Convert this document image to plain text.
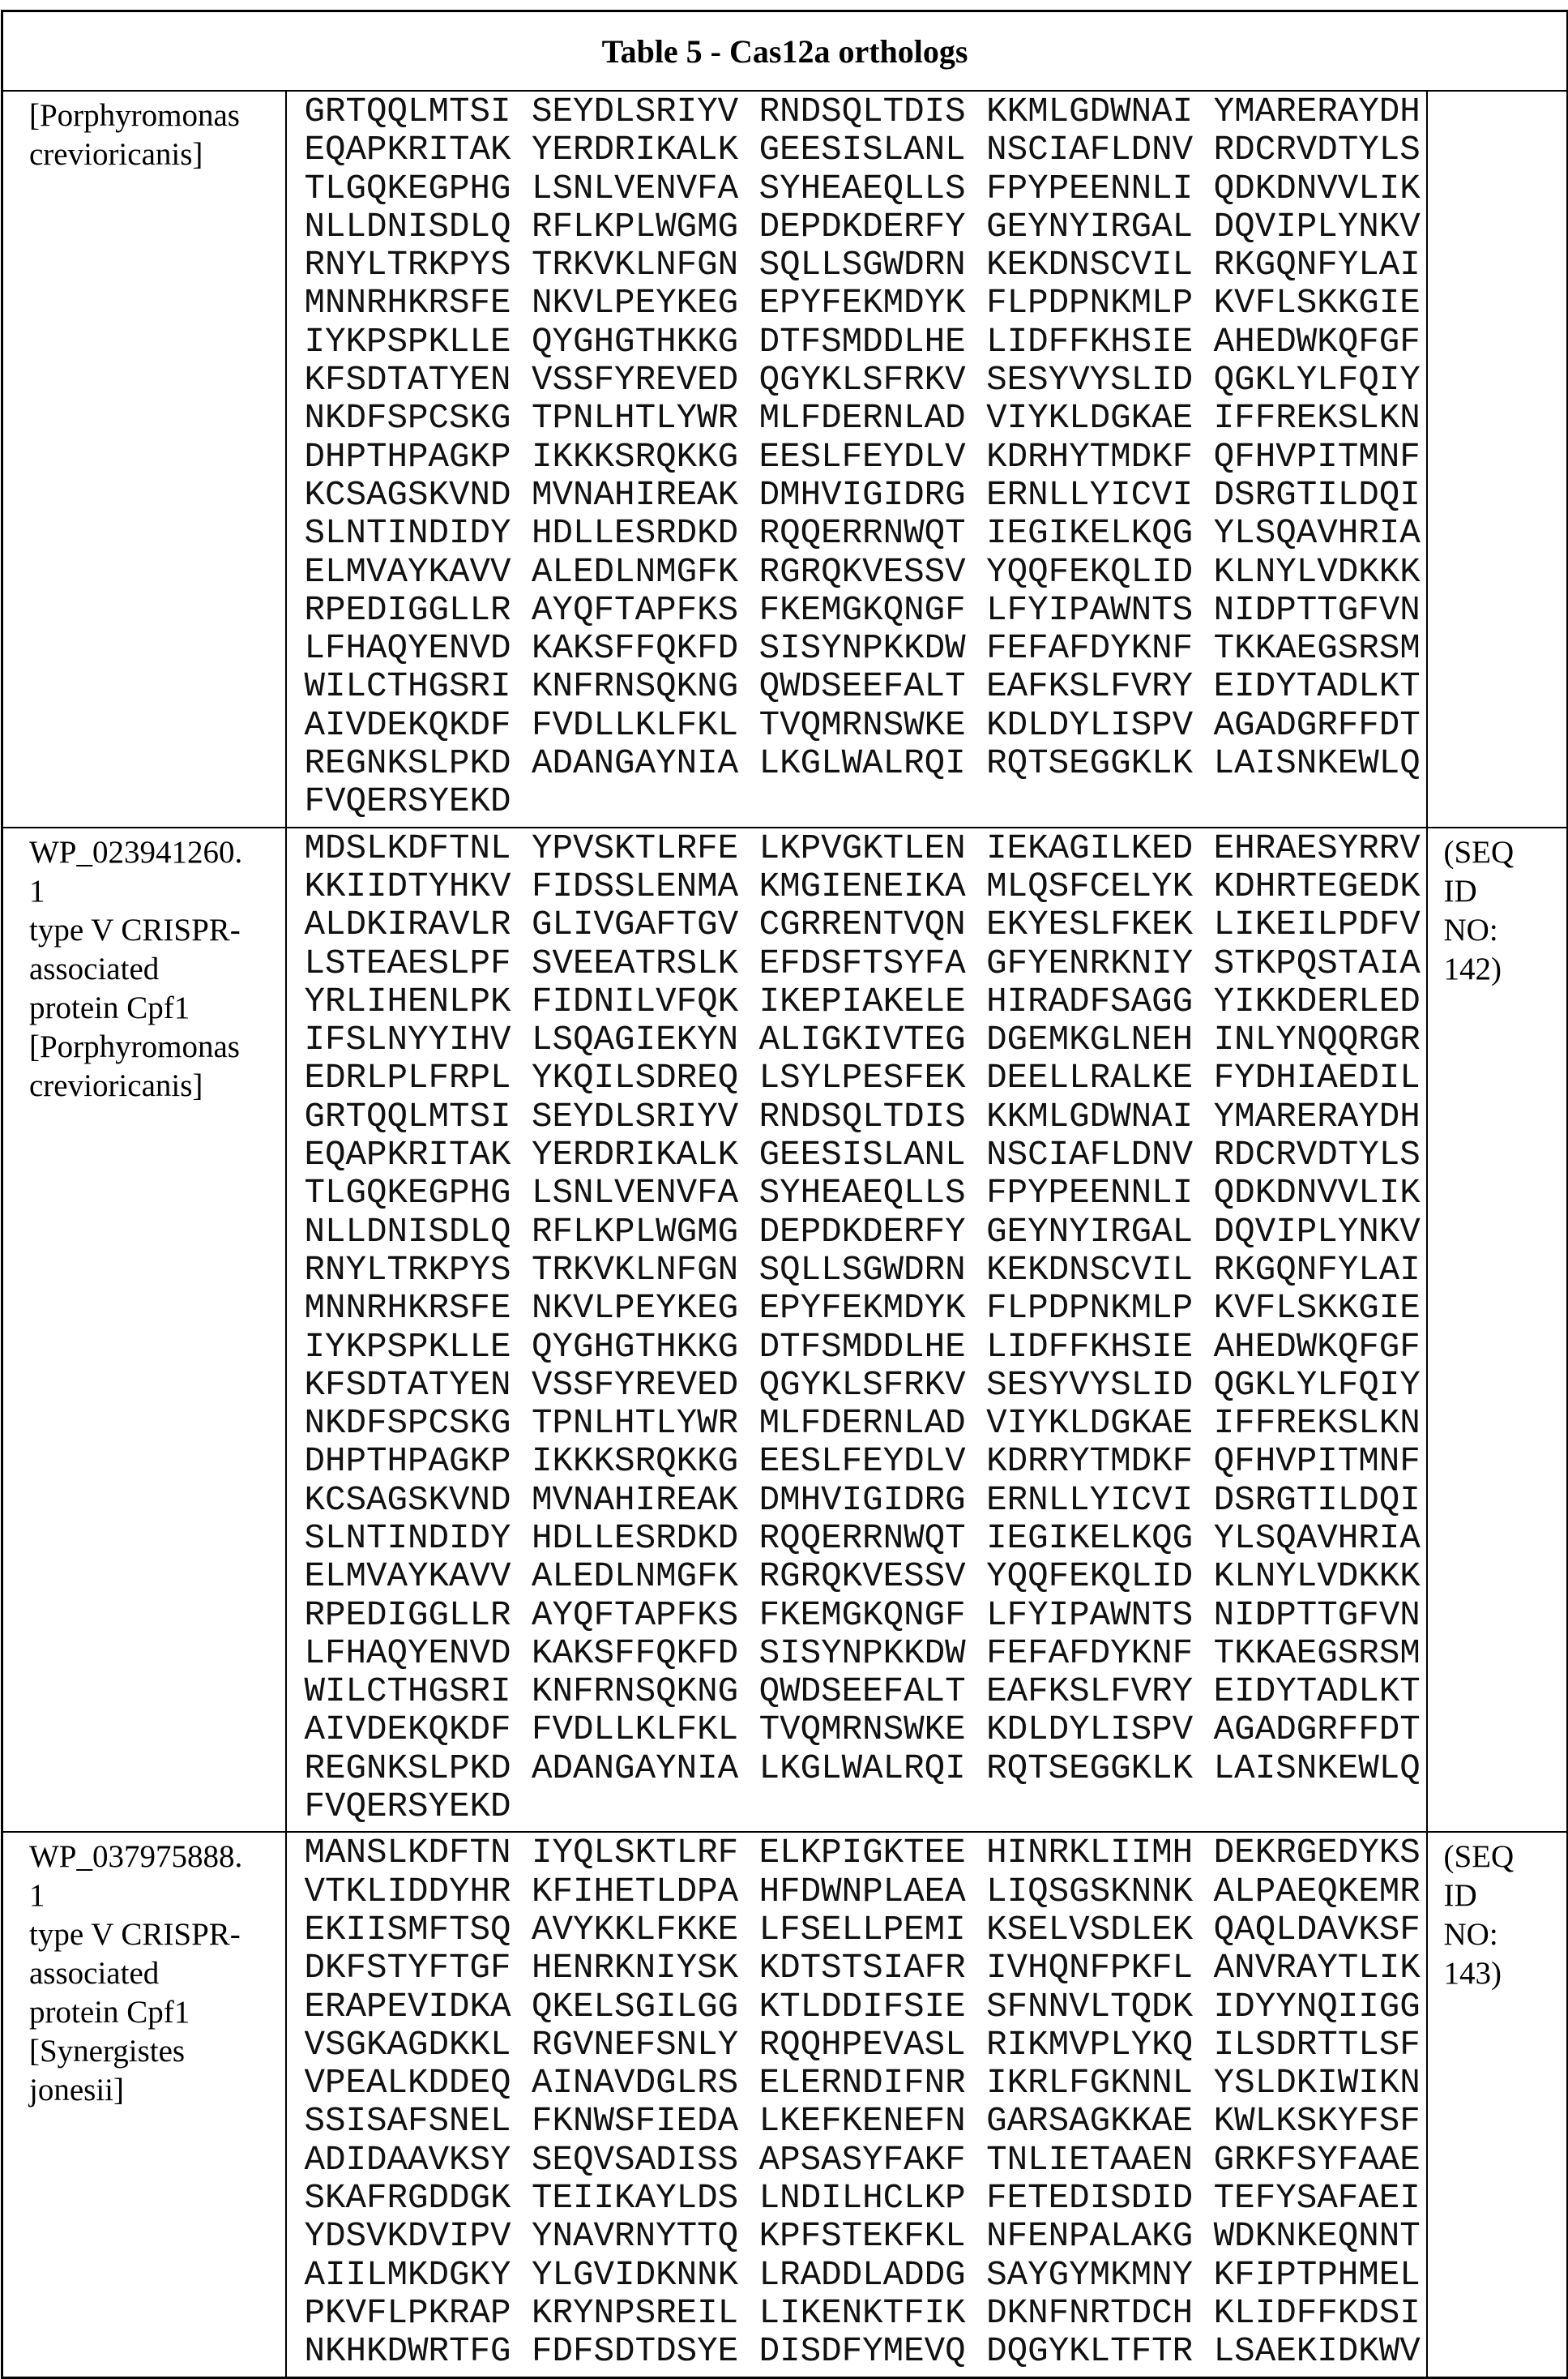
Table 5 - Cas12a orthologs

[Porphyromonas
crevioricanis]

GRTQQLMTSI SEYDLSRIYV RNDSQLTDIS KKMLGDWNAI YMARERAYDH
EQAPKRITAK YERDRIKALK GEESISLANL NSCIAFLDNV RDCRVDTYLS
TLGQKEGPHG LSNLVENVFA SYHEAEQLLS FPYPEENNLI QDKDNVVLIK
NLLDNISDLQ RFLKPLWGMG DEPDKDERFY GEYNYIRGAL DQVIPLYNKV
RNYLTRKPYS TRKVKLNFGN SQLLSGWDRN KEKDNSCVIL RKGQNFYLAI
MNNRHKRSFE NKVLPEYKEG EPYFEKMDYK FLPDPNKMLP KVFLSKKGIE
IYKPSPKLLE QYGHGTHKKG DTFSMDDLHE LIDFFKHSIE AHEDWKQFGF
KFSDTATYEN VSSFYREVED QGYKLSFRKV SESYVYSLID QGKLYLFQIY
NKDFSPCSKG TPNLHTLYWR MLFDERNLAD VIYKLDGKAE IFFREKSLKN
DHPTHPAGKP IKKKSRQKKG EESLFEYDLV KDRHYTMDKF QFHVPITMNF
KCSAGSKVND MVNAHIREAK DMHVIGIDRG ERNLLYICVI DSRGTILDQI
SLNTINDIDY HDLLESRDKD RQQERRNWQT IEGIKELKQG YLSQAVHRIA
ELMVAYKAVV ALEDLNMGFK RGRQKVESSV YQQFEKQLID KLNYLVDKKK
RPEDIGGLLR AYQFTAPFKS FKEMGKQNGF LFYIPAWNTS NIDPTTGFVN
LFHAQYENVD KAKSFFQKFD SISYNPKKDW FEFAFDYKNF TKKAEGSRSM
WILCTHGSRI KNFRNSQKNG QWDSEEFALT EAFKSLFVRY EIDYTADLKT
AIVDEKQKDF FVDLLKLFKL TVQMRNSWKE KDLDYLISPV AGADGRFFDT
REGNKSLPKD ADANGAYNIA LKGLWALRQI RQTSEGGKLK LAISNKEWLQ
FVQERSYEKD

WP_023941260.
1
type V CRISPR-
associated
protein Cpf1
[Porphyromonas
crevioricanis]

MDSLKDFTNL YPVSKTLRFE LKPVGKTLEN IEKAGILKED EHRAESYRRV
KKIIDTYHKV FIDSSLENMA KMGIENEIKA MLQSFCELYK KDHRTEGEDK
ALDKIRAVLR GLIVGAFTGV CGRRENTVQN EKYESLFKEK LIKEILPDFV
LSTEAESLPF SVEEATRSLK EFDSFTSYFA GFYENRKNIY STKPQSTAIA
YRLIHENLPK FIDNILVFQK IKEPIAKELE HIRADFSAGG YIKKDERLED
IFSLNYYIHV LSQAGIEKYN ALIGKIVTEG DGEMKGLNEH INLYNQQRGR
EDRLPLFRPL YKQILSDREQ LSYLPESFEK DEELLRALKE FYDHIAEDIL
GRTQQLMTSI SEYDLSRIYV RNDSQLTDIS KKMLGDWNAI YMARERAYDH
EQAPKRITAK YERDRIKALK GEESISLANL NSCIAFLDNV RDCRVDTYLS
TLGQKEGPHG LSNLVENVFA SYHEAEQLLS FPYPEENNLI QDKDNVVLIK
NLLDNISDLQ RFLKPLWGMG DEPDKDERFY GEYNYIRGAL DQVIPLYNKV
RNYLTRKPYS TRKVKLNFGN SQLLSGWDRN KEKDNSCVIL RKGQNFYLAI
MNNRHKRSFE NKVLPEYKEG EPYFEKMDYK FLPDPNKMLP KVFLSKKGIE
IYKPSPKLLE QYGHGTHKKG DTFSMDDLHE LIDFFKHSIE AHEDWKQFGF
KFSDTATYEN VSSFYREVED QGYKLSFRKV SESYVYSLID QGKLYLFQIY
NKDFSPCSKG TPNLHTLYWR MLFDERNLAD VIYKLDGKAE IFFREKSLKN
DHPTHPAGKP IKKKSRQKKG EESLFEYDLV KDRRYTMDKF QFHVPITMNF
KCSAGSKVND MVNAHIREAK DMHVIGIDRG ERNLLYICVI DSRGTILDQI
SLNTINDIDY HDLLESRDKD RQQERRNWQT IEGIKELKQG YLSQAVHRIA
ELMVAYKAVV ALEDLNMGFK RGRQKVESSV YQQFEKQLID KLNYLVDKKK
RPEDIGGLLR AYQFTAPFKS FKEMGKQNGF LFYIPAWNTS NIDPTTGFVN
LFHAQYENVD KAKSFFQKFD SISYNPKKDW FEFAFDYKNF TKKAEGSRSM
WILCTHGSRI KNFRNSQKNG QWDSEEFALT EAFKSLFVRY EIDYTADLKT
AIVDEKQKDF FVDLLKLFKL TVQMRNSWKE KDLDYLISPV AGADGRFFDT
REGNKSLPKD ADANGAYNIA LKGLWALRQI RQTSEGGKLK LAISNKEWLQ
FVQERSYEKD

(SEQ
ID
NO:
142)

WP_037975888.
1
type V CRISPR-
associated
protein Cpf1
[Synergistes
jonesii]

MANSLKDFTN IYQLSKTLRF ELKPIGKTEE HINRKLIIMH DEKRGEDYKS
VTKLIDDYHR KFIHETLDPA HFDWNPLAEA LIQSGSKNNK ALPAEQKEMR
EKIISMFTSQ AVYKKLFKKE LFSELLPEMI KSELVSDLEK QAQLDAVKSF
DKFSTYFTGF HENRKNIYSK KDTSTSIAFR IVHQNFPKFL ANVRAYTLIK
ERAPEVIDKA QKELSGILGG KTLDDIFSIE SFNNVLTQDK IDYYNQIIGG
VSGKAGDKKL RGVNEFSNLY RQQHPEVASL RIKMVPLYKQ ILSDRTTLSF
VPEALKDDEQ AINAVDGLRS ELERNDIFNR IKRLFGKNNL YSLDKIWIKN
SSISAFSNEL FKNWSFIEDA LKEFKENEFN GARSAGKKAE KWLKSKYFSF
ADIDAAVKSY SEQVSADISS APSASYFAKF TNLIETAAEN GRKFSYFAAE
SKAFRGDDGK TEIIKAYLDS LNDILHCLKP FETEDISDID TEFYSAFAEI
YDSVKDVIPV YNAVRNYTTQ KPFSTEKFKL NFENPALAKG WDKNKEQNNT
AIILMKDGKY YLGVIDKNNK LRADDLADDG SAYGYMKMNY KFIPTPHMEL
PKVFLPKRAP KRYNPSREIL LIKENKTFIK DKNFNRTDCH KLIDFFKDSI
NKHKDWRTFG FDFSDTDSYE DISDFYMEVQ DQGYKLTFTR LSAEKIDKWV

(SEQ
ID
NO:
143)
